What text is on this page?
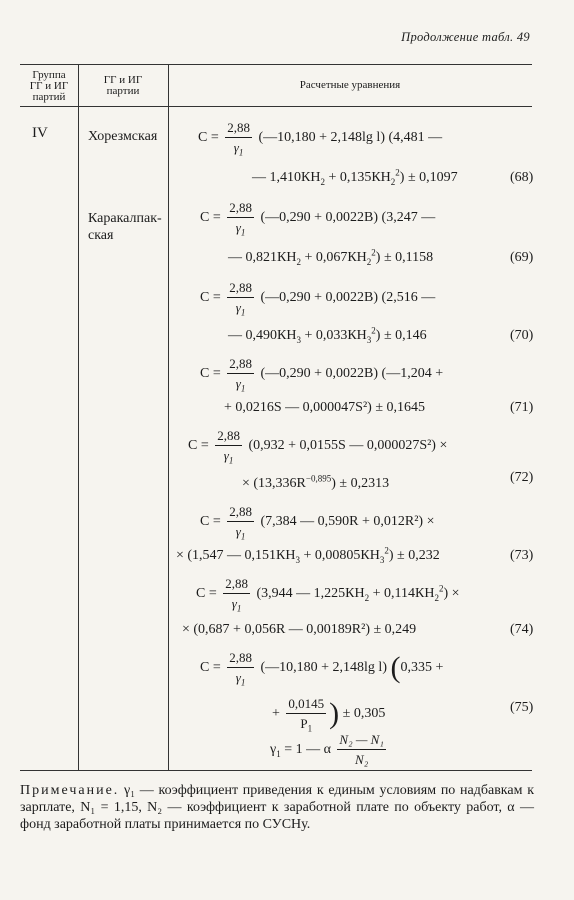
Продолжение табл. 49
Группа
ГГ и ИГ
партий
ГГ и ИГ
партии	Расчетные уравнения
IV	Хорезмская
Каракалпак-
ская
$C = \frac{2,88}{\gamma_1}$ (—10,180 + 2,148lg l) (4,481 —
— $1,410КН_2 + 0,135КН_2^2) \pm 0,1097$	(68)
$C = \frac{2,88}{\gamma_1}$ (—0,290 + 0,0022B) (3,247 —
— $0,821КН_2 + 0,067КН_2^2) \pm 0,1158$	(69)
$C = \frac{2,88}{\gamma_1}$ (—0,290 + 0,0022B) (2,516 —
— $0,490КН_3 + 0,033КН_3^2) \pm 0,146$	(70)
$C = \frac{2,88}{\gamma_1}$ (—0,290 + 0,0022B) (—1,204 +
+ 0,0216S — 0,000047S²) ± 0,1645	(71)
$C = \frac{2,88}{\gamma_1} (0,932 + 0,0155S$ — 0,000027S²) ×
× $(13,336R^{-0,895}) \pm 0,2313$	(72)
$C = \frac{2,88}{\gamma_1} (7,384$ — 0,590R + 0,012R²) ×
× (1,547 — $0,151КН_3 + 0,00805КН_3^2) \pm 0,232$	(73)
$C = \frac{2,88}{\gamma_1} (3,944$ — $1,225КН_2 + 0,114КН_2^2$) ×
× (0,687 + 0,056R — 0,00189R²) ± 0,249	(74)
$C = \frac{2,88}{\gamma_1}$ (—10,180 + 2,148lg l) (0,335 +
+ $\frac{0,0145}{P_1}$ ) ± 0,305	(75)
$\gamma_1 = 1$ — α $\frac{\text{N₂ — N₁}}{\text{N₂}}$
Примечание. γ₁ — коэффициент приведения к единым условиям по надбавкам к зарплате, N₁ = 1,15, N₂ — коэффициент к заработной плате по объекту работ, α — фонд заработной платы принимается по СУСНу.
